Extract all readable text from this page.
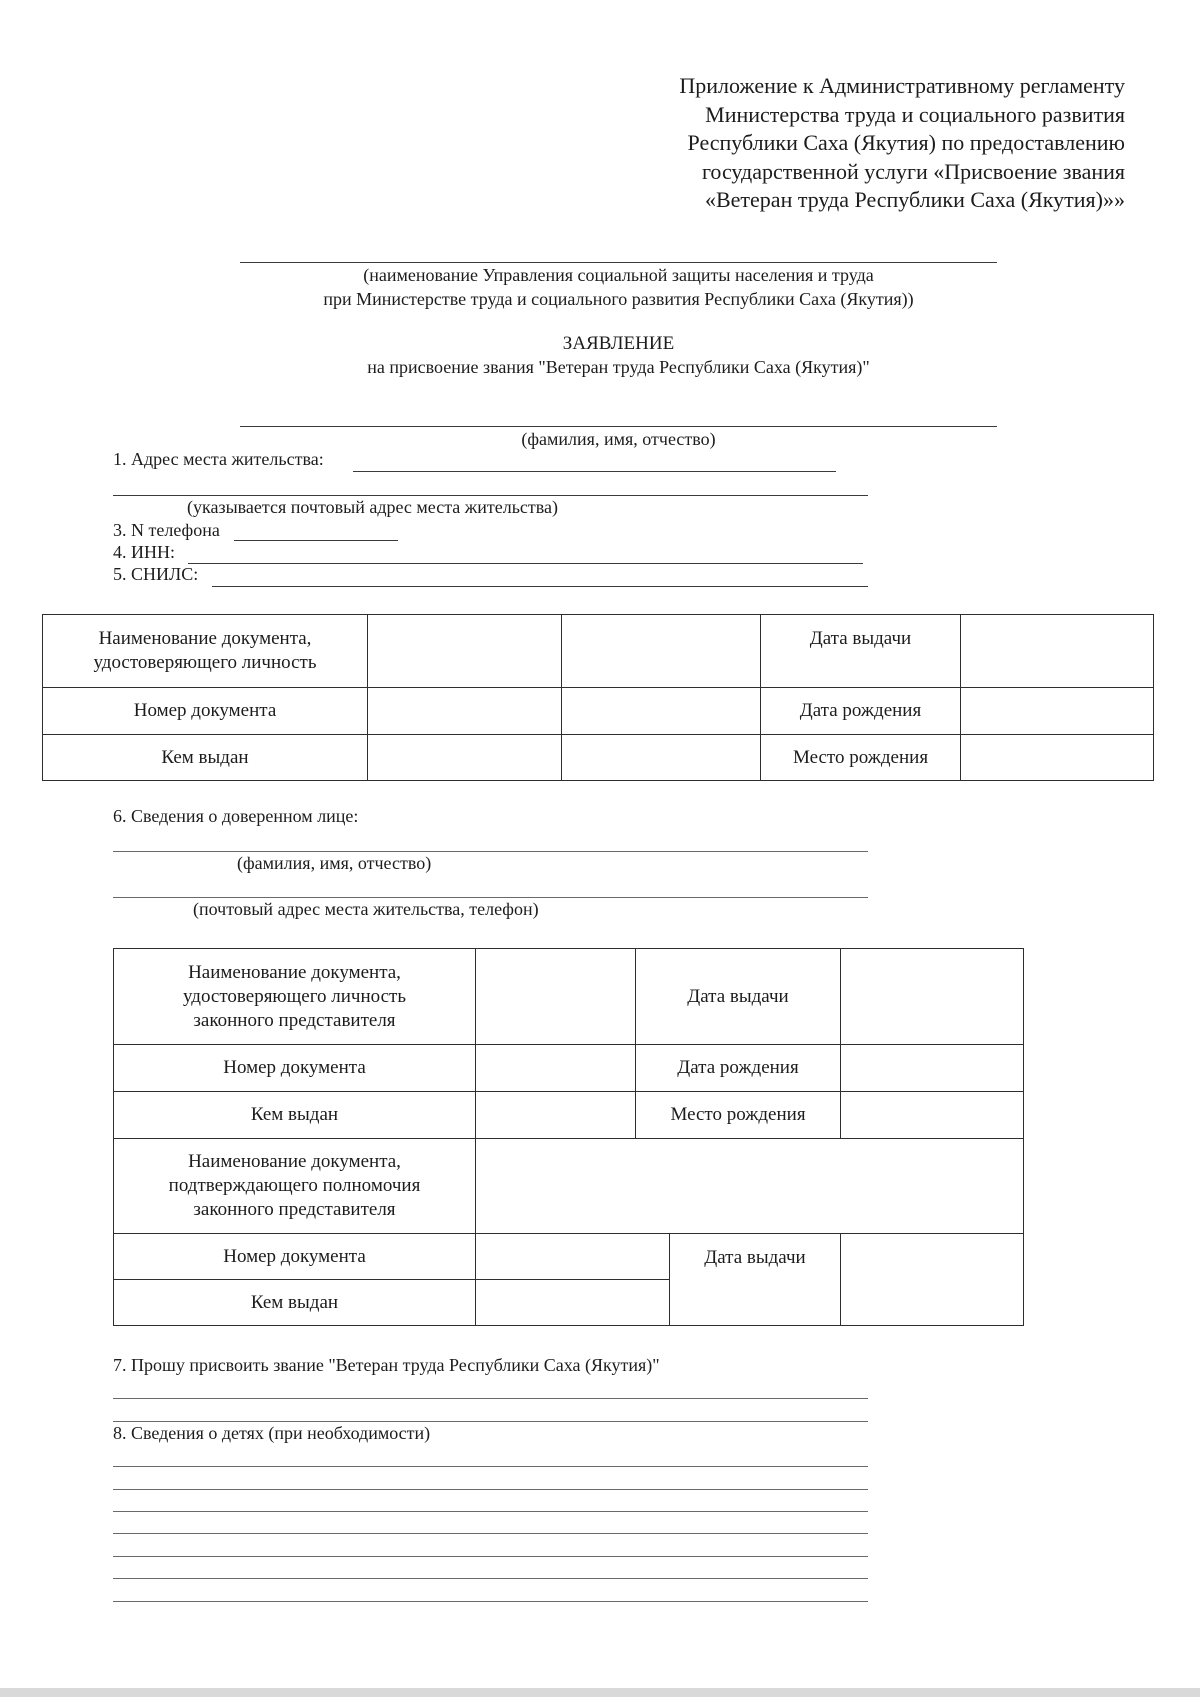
Приложение к Административному регламенту
Министерства труда и социального развития
Республики Саха (Якутия) по предоставлению
государственной услуги «Присвоение звания
«Ветеран труда Республики Саха (Якутия)»»
(наименование Управления социальной защиты населения и труда
при Министерстве труда и социального развития Республики Саха (Якутия))
ЗАЯВЛЕНИЕ
на присвоение звания "Ветеран труда Республики Саха (Якутия)"
(фамилия, имя, отчество)
1. Адрес места жительства:
(указывается почтовый адрес места жительства)
3. N телефона
4. ИНН:
5. СНИЛС:
Наименование документа,
удостоверяющего личность			Дата выдачи	
Номер документа			Дата рождения	
Кем выдан			Место рождения	
6. Сведения о доверенном лице:
(фамилия, имя, отчество)
(почтовый адрес места жительства, телефон)
Наименование документа,
удостоверяющего личность
законного представителя		Дата выдачи		
Номер документа		Дата рождения		
Кем выдан		Место рождения		
Наименование документа,
подтверждающего полномочия
законного представителя				
Номер документа			Дата выдачи	
Кем выдан				
7. Прошу присвоить звание "Ветеран труда Республики Саха (Якутия)"
8. Сведения о детях (при необходимости)
